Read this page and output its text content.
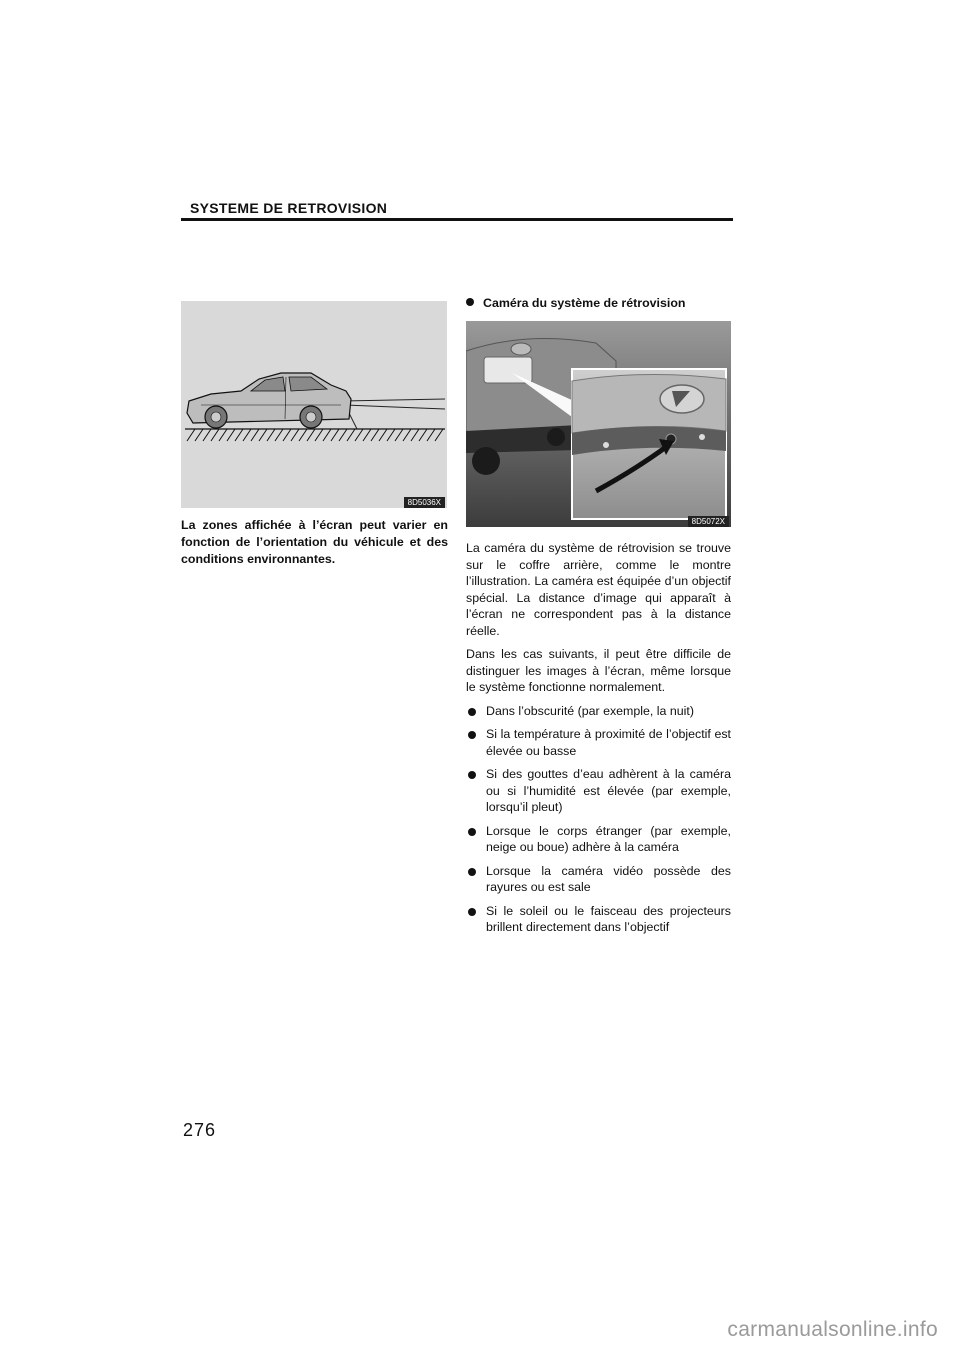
SYSTEME DE RETROVISION
8D5036X
La zones affichée à l’écran peut varier en fonction de l’orientation du véhicule et des conditions environnantes.
Caméra du système de rétrovision
8D5072X

La caméra du système de rétrovision se trouve sur le coffre arrière, comme le montre l’illustration. La caméra est équipée d’un objectif spécial. La distance d’image qui apparaît à l’écran ne correspondent pas à la distance réelle.

Dans les cas suivants, il peut être difficile de distinguer les images à l’écran, même lorsque le système fonctionne normalement.

Dans l’obscurité (par exemple, la nuit)
Si la température à proximité de l’objectif est élevée ou basse
Si des gouttes d’eau adhèrent à la caméra ou si l’humidité est élevée (par exemple, lorsqu’il pleut)
Lorsque le corps étranger (par exemple, neige ou boue) adhère à la caméra
Lorsque la caméra vidéo possède des rayures ou est sale
Si le soleil ou le faisceau des projecteurs brillent directement dans l’objectif
276
carmanualsonline.info
